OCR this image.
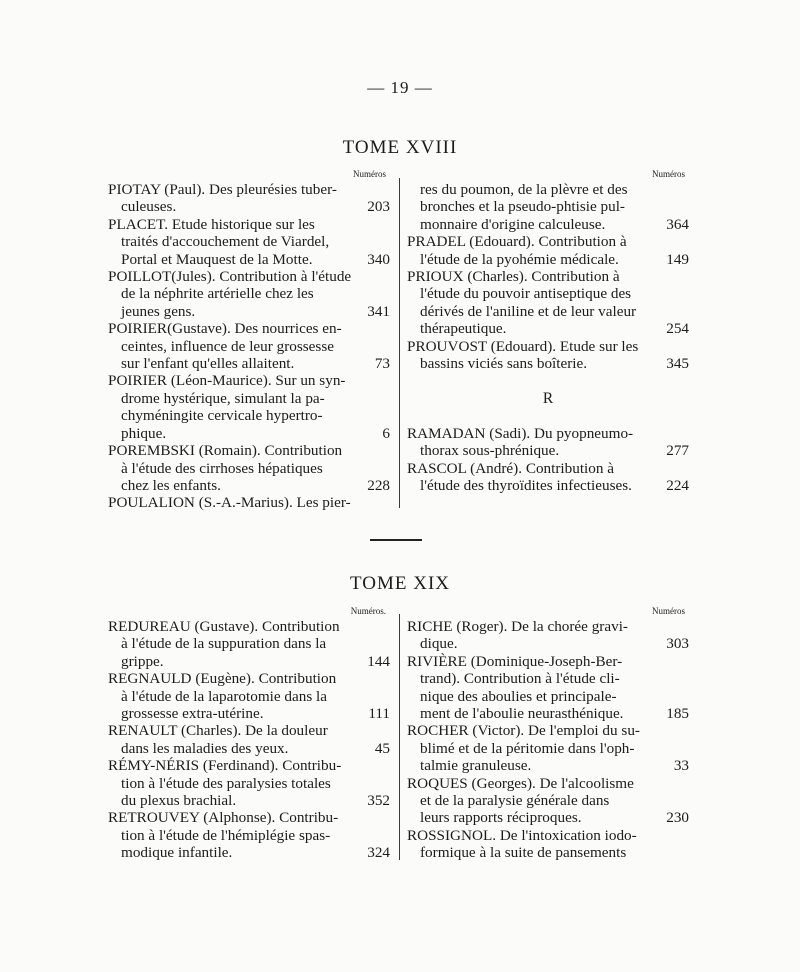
— 19 —
TOME XVIII
Numéros
PIOTAY (Paul). Des pleurésies tuber-
culeuses.	203
PLACET. Etude historique sur les
traités d'accouchement de Viardel,
Portal et Mauquest de la Motte.	340
POILLOT(Jules). Contribution à l'étude
de la néphrite artérielle chez les
jeunes gens.	341
POIRIER(Gustave). Des nourrices en-
ceintes, influence de leur grossesse
sur l'enfant qu'elles allaitent.	73
POIRIER (Léon-Maurice). Sur un syn-
drome hystérique, simulant la pa-
chyméningite cervicale hypertro-
phique.	6
POREMBSKI (Romain). Contribution
à l'étude des cirrhoses hépatiques
chez les enfants.	228
POULALION (S.-A.-Marius). Les pier-
Numéros
res du poumon, de la plèvre et des
bronches et la pseudo-phtisie pul-
monnaire d'origine calculeuse.	364
PRADEL (Edouard). Contribution à
l'étude de la pyohémie médicale.	149
PRIOUX (Charles). Contribution à
l'étude du pouvoir antiseptique des
dérivés de l'aniline et de leur valeur
thérapeutique.	254
PROUVOST (Edouard). Etude sur les
bassins viciés sans boîterie.	345
R
RAMADAN (Sadi). Du pyopneumo-
thorax sous-phrénique.	277
RASCOL (André). Contribution à
l'étude des thyroïdites infectieuses.	224
TOME XIX
Numéros.
REDUREAU (Gustave). Contribution
à l'étude de la suppuration dans la
grippe.	144
REGNAULD (Eugène). Contribution
à l'étude de la laparotomie dans la
grossesse extra-utérine.	111
RENAULT (Charles). De la douleur
dans les maladies des yeux.	45
RÉMY-NÉRIS (Ferdinand). Contribu-
tion à l'étude des paralysies totales
du plexus brachial.	352
RETROUVEY (Alphonse). Contribu-
tion à l'étude de l'hémiplégie spas-
modique infantile.	324
Numéros
RICHE (Roger). De la chorée gravi-
dique.	303
RIVIÈRE (Dominique-Joseph-Ber-
trand). Contribution à l'étude cli-
nique des aboulies et principale-
ment de l'aboulie neurasthénique.	185
ROCHER (Victor). De l'emploi du su-
blimé et de la péritomie dans l'oph-
talmie granuleuse.	33
ROQUES (Georges). De l'alcoolisme
et de la paralysie générale dans
leurs rapports réciproques.	230
ROSSIGNOL. De l'intoxication iodo-
formique à la suite de pansements
